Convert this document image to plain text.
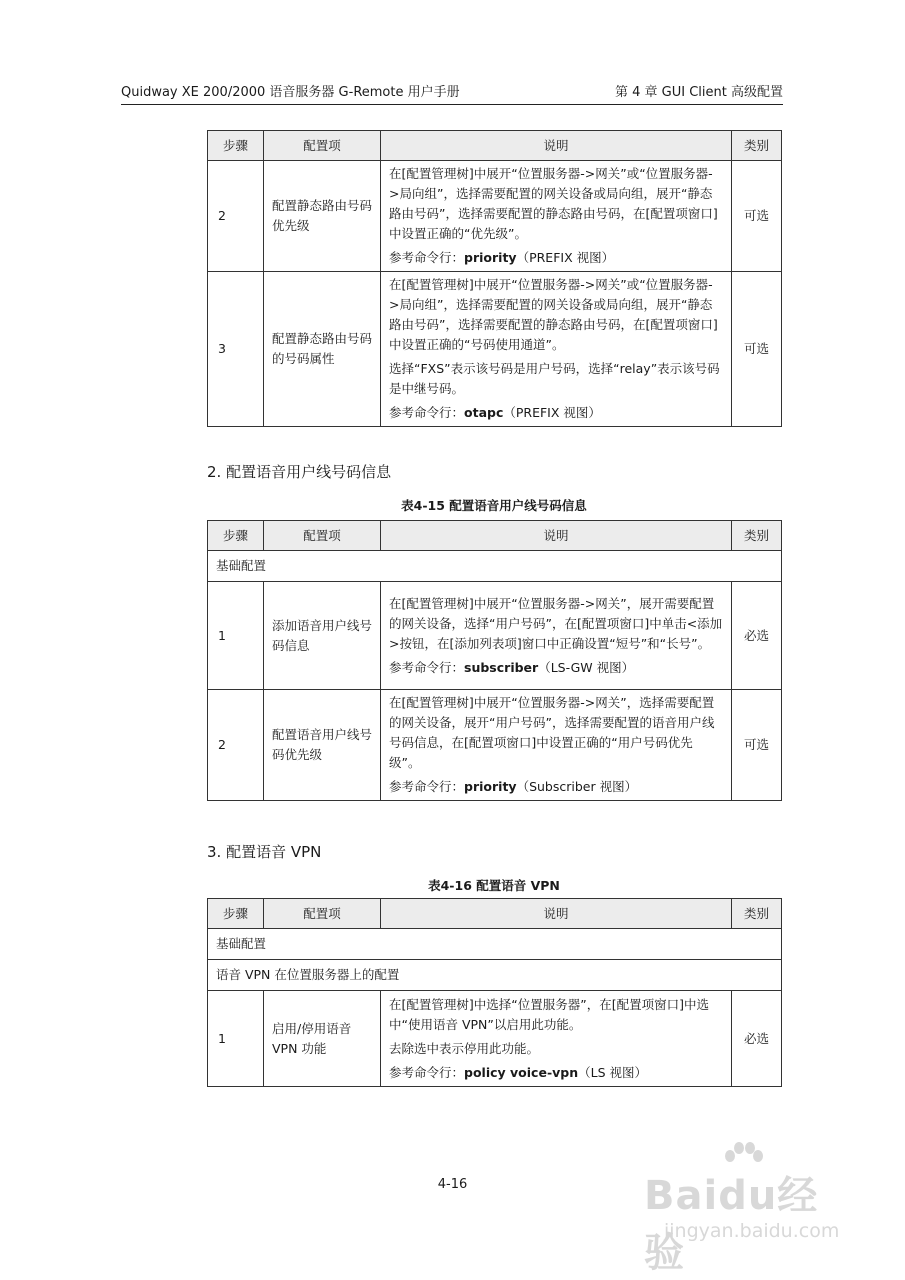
Quidway XE 200/2000 语音服务器 G-Remote 用户手册	第 4 章 GUI Client 高级配置
步骤	配置项	说明	类别
2	配置静态路由号码优先级	在[配置管理树]中展开“位置服务器->网关”或“位置服务器->局向组”，选择需要配置的网关设备或局向组，展开“静态路由号码”，选择需要配置的静态路由号码，在[配置项窗口]中设置正确的“优先级”。

参考命令行：priority（PREFIX 视图）	可选
3	配置静态路由号码的号码属性	在[配置管理树]中展开“位置服务器->网关”或“位置服务器->局向组”，选择需要配置的网关设备或局向组，展开“静态路由号码”，选择需要配置的静态路由号码，在[配置项窗口]中设置正确的“号码使用通道”。

选择“FXS”表示该号码是用户号码，选择“relay”表示该号码是中继号码。

参考命令行：otapc（PREFIX 视图）	可选
2. 配置语音用户线号码信息
表4-15 配置语音用户线号码信息
步骤	配置项	说明	类别
基础配置			
1	添加语音用户线号码信息	在[配置管理树]中展开“位置服务器->网关”，展开需要配置的网关设备，选择“用户号码”，在[配置项窗口]中单击<添加>按钮，在[添加列表项]窗口中正确设置“短号”和“长号”。

参考命令行：subscriber（LS-GW 视图）	必选
2	配置语音用户线号码优先级	在[配置管理树]中展开“位置服务器->网关”，选择需要配置的网关设备，展开“用户号码”，选择需要配置的语音用户线号码信息，在[配置项窗口]中设置正确的“用户号码优先级”。

参考命令行：priority（Subscriber 视图）	可选
3. 配置语音 VPN
表4-16 配置语音 VPN
步骤	配置项	说明	类别
基础配置			
语音 VPN 在位置服务器上的配置			
1	启用/停用语音 VPN 功能	在[配置管理树]中选择“位置服务器”，在[配置项窗口]中选中“使用语音 VPN”以启用此功能。

去除选中表示停用此功能。

参考命令行：policy voice-vpn（LS 视图）	必选
4-16	Baidu经验
jingyan.baidu.com
